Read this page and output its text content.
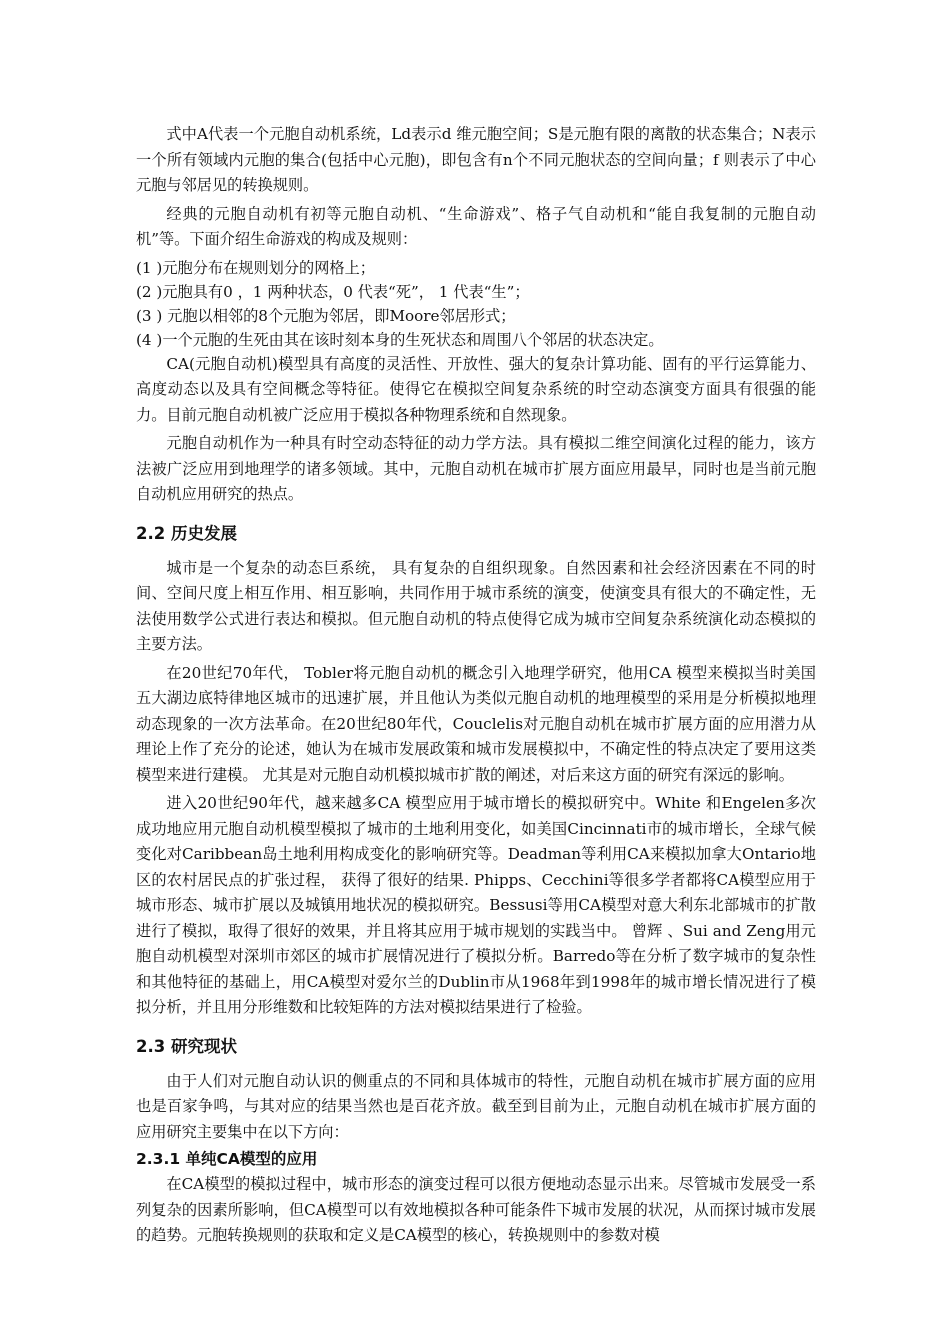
式中A代表一个元胞自动机系统，Ld表示d 维元胞空间；S是元胞有限的离散的状态集合；N表示一个所有领域内元胞的集合(包括中心元胞)，即包含有n个不同元胞状态的空间向量；f 则表示了中心元胞与邻居见的转换规则。

经典的元胞自动机有初等元胞自动机、“生命游戏”、格子气自动机和“能自我复制的元胞自动机”等。下面介绍生命游戏的构成及规则：

(1 )元胞分布在规则划分的网格上；

(2 )元胞具有0 ，1 两种状态，0 代表“死”， 1 代表“生”；

(3 ) 元胞以相邻的8个元胞为邻居，即Moore邻居形式；

(4 )一个元胞的生死由其在该时刻本身的生死状态和周围八个邻居的状态决定。

CA(元胞自动机)模型具有高度的灵活性、开放性、强大的复杂计算功能、固有的平行运算能力、高度动态以及具有空间概念等特征。使得它在模拟空间复杂系统的时空动态演变方面具有很强的能力。目前元胞自动机被广泛应用于模拟各种物理系统和自然现象。

元胞自动机作为一种具有时空动态特征的动力学方法。具有模拟二维空间演化过程的能力，该方法被广泛应用到地理学的诸多领域。其中，元胞自动机在城市扩展方面应用最早，同时也是当前元胞自动机应用研究的热点。

2.2 历史发展

城市是一个复杂的动态巨系统， 具有复杂的自组织现象。自然因素和社会经济因素在不同的时间、空间尺度上相互作用、相互影响，共同作用于城市系统的演变，使演变具有很大的不确定性，无法使用数学公式进行表达和模拟。但元胞自动机的特点使得它成为城市空间复杂系统演化动态模拟的主要方法。

在20世纪70年代， Tobler将元胞自动机的概念引入地理学研究，他用CA 模型来模拟当时美国五大湖边底特律地区城市的迅速扩展，并且他认为类似元胞自动机的地理模型的采用是分析模拟地理动态现象的一次方法革命。在20世纪80年代，Couclelis对元胞自动机在城市扩展方面的应用潜力从理论上作了充分的论述，她认为在城市发展政策和城市发展模拟中，不确定性的特点决定了要用这类模型来进行建模。 尤其是对元胞自动机模拟城市扩散的阐述，对后来这方面的研究有深远的影响。

进入20世纪90年代，越来越多CA 模型应用于城市增长的模拟研究中。White 和Engelen多次成功地应用元胞自动机模型模拟了城市的土地利用变化，如美国Cincinnati市的城市增长，全球气候变化对Caribbean岛土地利用构成变化的影响研究等。Deadman等利用CA来模拟加拿大Ontario地区的农村居民点的扩张过程， 获得了很好的结果. Phipps、Cecchini等很多学者都将CA模型应用于城市形态、城市扩展以及城镇用地状况的模拟研究。Bessusi等用CA模型对意大利东北部城市的扩散进行了模拟，取得了很好的效果，并且将其应用于城市规划的实践当中。 曾辉 、Sui and Zeng用元胞自动机模型对深圳市郊区的城市扩展情况进行了模拟分析。Barredo等在分析了数字城市的复杂性和其他特征的基础上，用CA模型对爱尔兰的Dublin市从1968年到1998年的城市增长情况进行了模拟分析，并且用分形维数和比较矩阵的方法对模拟结果进行了检验。

2.3 研究现状

由于人们对元胞自动认识的侧重点的不同和具体城市的特性，元胞自动机在城市扩展方面的应用也是百家争鸣，与其对应的结果当然也是百花齐放。截至到目前为止，元胞自动机在城市扩展方面的应用研究主要集中在以下方向：

2.3.1 单纯CA模型的应用

在CA模型的模拟过程中，城市形态的演变过程可以很方便地动态显示出来。尽管城市发展受一系列复杂的因素所影响，但CA模型可以有效地模拟各种可能条件下城市发展的状况，从而探讨城市发展的趋势。元胞转换规则的获取和定义是CA模型的核心，转换规则中的参数对模
